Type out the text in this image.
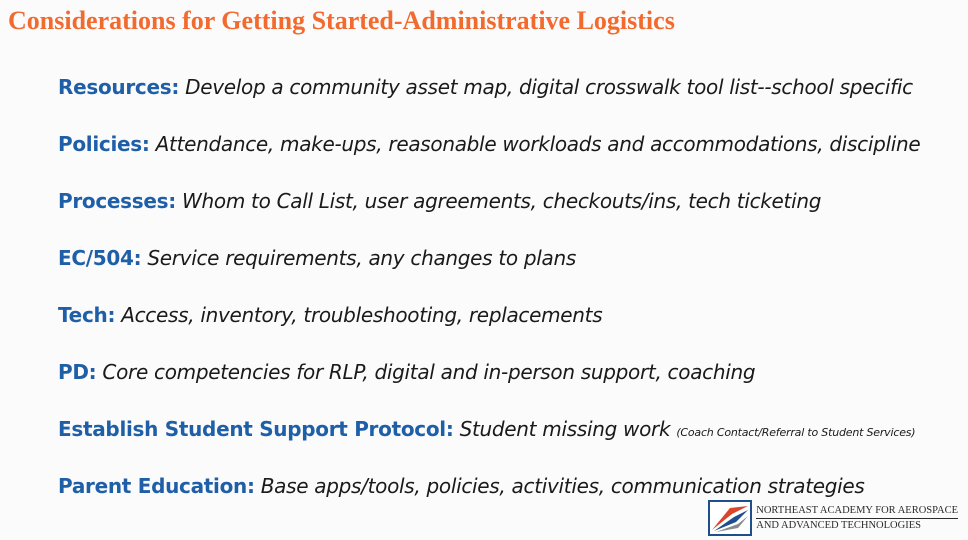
Considerations for Getting Started-Administrative Logistics
Resources: Develop a community asset map, digital crosswalk tool list--school specific
Policies: Attendance, make-ups, reasonable workloads and accommodations, discipline
Processes: Whom to Call List, user agreements, checkouts/ins, tech ticketing
EC/504: Service requirements, any changes to plans
Tech: Access, inventory, troubleshooting, replacements
PD: Core competencies for RLP, digital and in-person support, coaching
Establish Student Support Protocol: Student missing work (Coach Contact/Referral to Student Services)
Parent Education: Base apps/tools, policies, activities, communication strategies
NORTHEAST ACADEMY FOR AEROSPACE
AND ADVANCED TECHNOLOGIES
